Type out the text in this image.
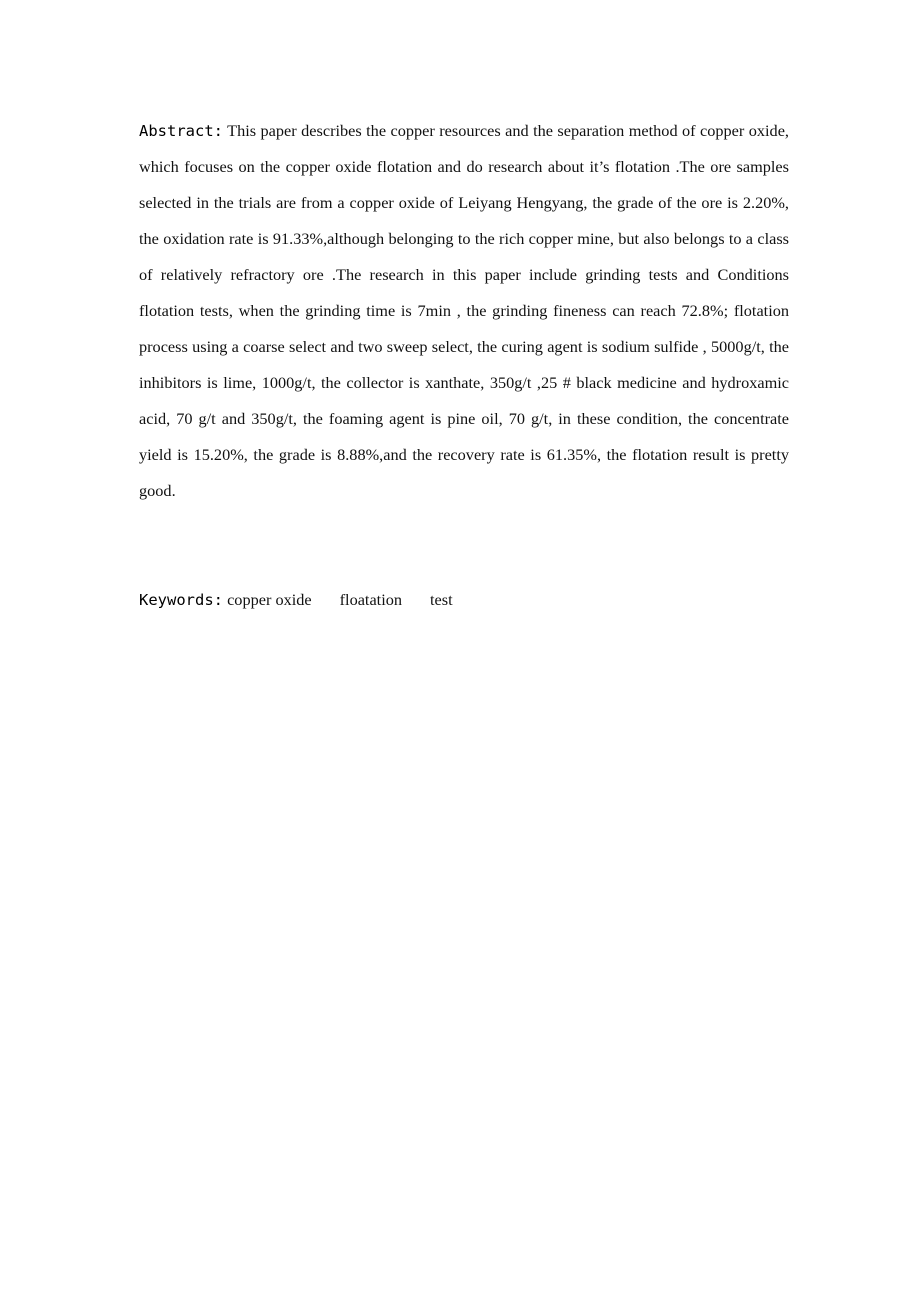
Abstract: This paper describes the copper resources and the separation method of copper oxide, which focuses on the copper oxide flotation and do research about it’s flotation .The ore samples selected in the trials are from a copper oxide of Leiyang Hengyang, the grade of the ore is 2.20%, the oxidation rate is 91.33%,although belonging to the rich copper mine, but also belongs to a class of relatively refractory ore .The research in this paper include grinding tests and Conditions flotation tests, when the grinding time is 7min , the grinding fineness can reach 72.8%; flotation process using a coarse select and two sweep select, the curing agent is sodium sulfide , 5000g/t, the inhibitors is lime, 1000g/t, the collector is xanthate, 350g/t ,25 # black medicine and hydroxamic acid, 70 g/t and 350g/t, the foaming agent is pine oil, 70 g/t, in these condition, the concentrate yield is 15.20%, the grade is 8.88%,and the recovery rate is 61.35%, the flotation result is pretty good.

Keywords: copper oxide floatation test
